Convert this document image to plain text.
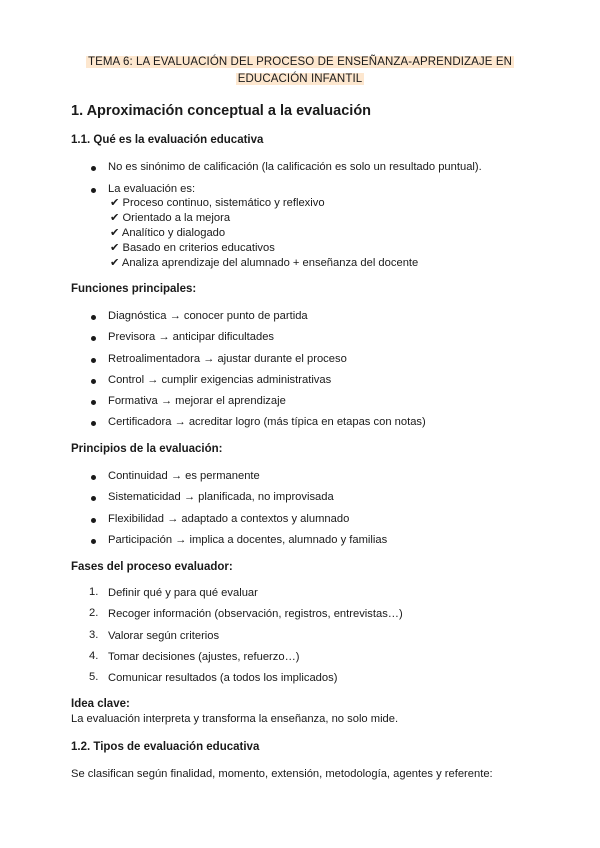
TEMA 6: LA EVALUACIÓN DEL PROCESO DE ENSEÑANZA-APRENDIZAJE EN
EDUCACIÓN INFANTIL
1. Aproximación conceptual a la evaluación
1.1. Qué es la evaluación educativa
No es sinónimo de calificación (la calificación es solo un resultado puntual).
La evaluación es:
✔ Proceso continuo, sistemático y reflexivo
✔ Orientado a la mejora
✔ Analítico y dialogado
✔ Basado en criterios educativos
✔ Analiza aprendizaje del alumnado + enseñanza del docente
Funciones principales:
Diagnóstica → conocer punto de partida
Previsora → anticipar dificultades
Retroalimentadora → ajustar durante el proceso
Control → cumplir exigencias administrativas
Formativa → mejorar el aprendizaje
Certificadora → acreditar logro (más típica en etapas con notas)
Principios de la evaluación:
Continuidad → es permanente
Sistematicidad → planificada, no improvisada
Flexibilidad → adaptado a contextos y alumnado
Participación → implica a docentes, alumnado y familias
Fases del proceso evaluador:
1. Definir qué y para qué evaluar
2. Recoger información (observación, registros, entrevistas…)
3. Valorar según criterios
4. Tomar decisiones (ajustes, refuerzo…)
5. Comunicar resultados (a todos los implicados)
Idea clave:
La evaluación interpreta y transforma la enseñanza, no solo mide.
1.2. Tipos de evaluación educativa
Se clasifican según finalidad, momento, extensión, metodología, agentes y referente:
